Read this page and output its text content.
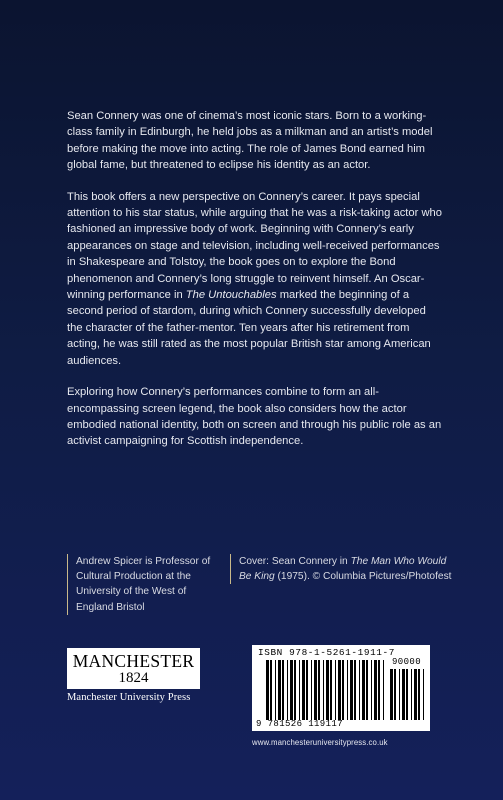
Sean Connery was one of cinema’s most iconic stars. Born to a working-class family in Edinburgh, he held jobs as a milkman and an artist’s model before making the move into acting. The role of James Bond earned him global fame, but threatened to eclipse his identity as an actor.

This book offers a new perspective on Connery’s career. It pays special attention to his star status, while arguing that he was a risk-taking actor who fashioned an impressive body of work. Beginning with Connery’s early appearances on stage and television, including well-received performances in Shakespeare and Tolstoy, the book goes on to explore the Bond phenomenon and Connery’s long struggle to reinvent himself. An Oscar-winning performance in The Untouchables marked the beginning of a second period of stardom, during which Connery successfully developed the character of the father-mentor. Ten years after his retirement from acting, he was still rated as the most popular British star among American audiences.

Exploring how Connery’s performances combine to form an all-encompassing screen legend, the book also considers how the actor embodied national identity, both on screen and through his public role as an activist campaigning for Scottish independence.

Andrew Spicer is Professor of Cultural Production at the University of the West of England Bristol
Cover: Sean Connery in The Man Who Would Be King (1975). © Columbia Pictures/Photofest
MANCHESTER
1824
Manchester University Press
ISBN 978-1-5261-1911-7
90000
9 781526 119117
www.manchesteruniversitypress.co.uk
